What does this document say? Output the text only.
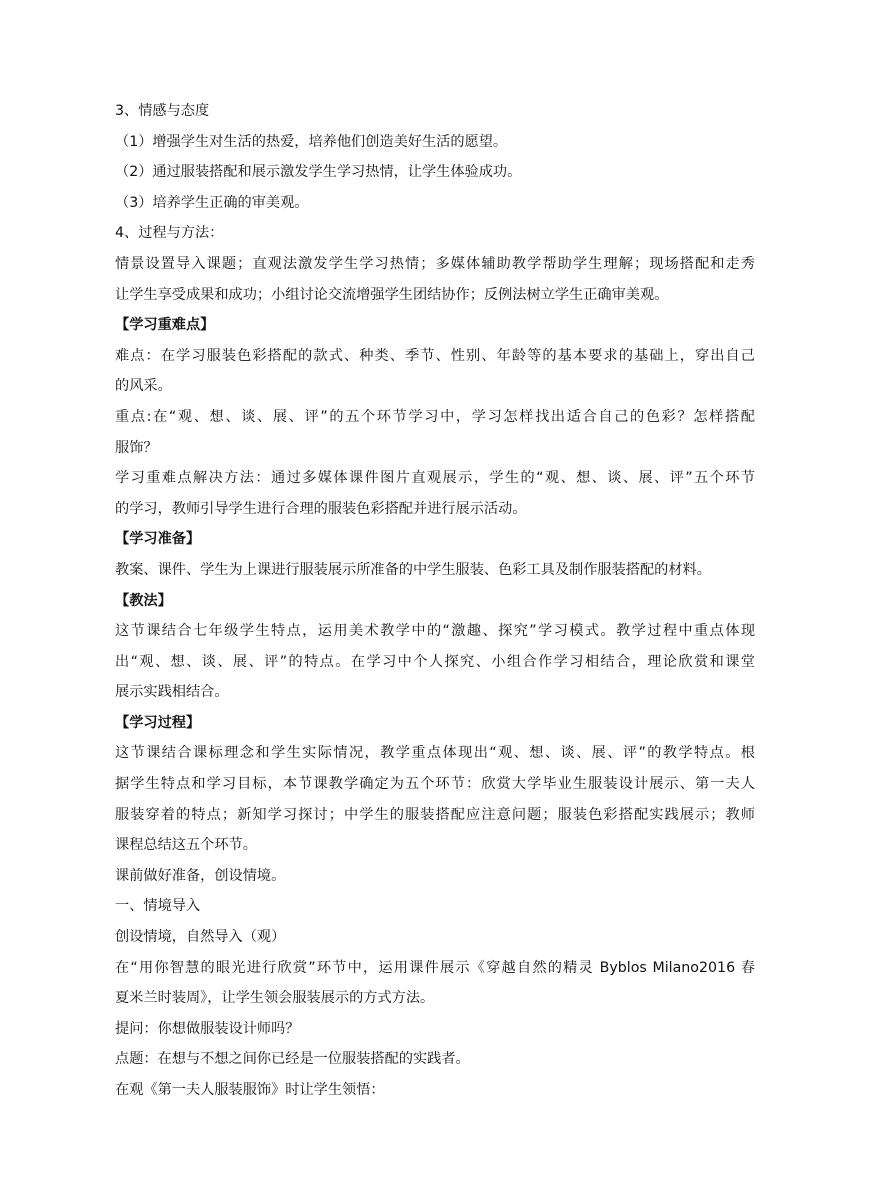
3、情感与态度
（1）增强学生对生活的热爱，培养他们创造美好生活的愿望。
（2）通过服装搭配和展示激发学生学习热情，让学生体验成功。
（3）培养学生正确的审美观。
4、过程与方法：
情景设置导入课题；直观法激发学生学习热情；多媒体辅助教学帮助学生理解；现场搭配和走秀
让学生享受成果和成功；小组讨论交流增强学生团结协作；反例法树立学生正确审美观。
【学习重难点】
难点：在学习服装色彩搭配的款式、种类、季节、性别、年龄等的基本要求的基础上，穿出自己
的风采。
重点:在“观、想、谈、展、评”的五个环节学习中，学习怎样找出适合自己的色彩？怎样搭配
服饰？
学习重难点解决方法：通过多媒体课件图片直观展示，学生的“观、想、谈、展、评”五个环节
的学习，教师引导学生进行合理的服装色彩搭配并进行展示活动。
【学习准备】
教案、课件、学生为上课进行服装展示所准备的中学生服装、色彩工具及制作服装搭配的材料。
【教法】
这节课结合七年级学生特点，运用美术教学中的“激趣、探究”学习模式。教学过程中重点体现
出“观、想、谈、展、评”的特点。在学习中个人探究、小组合作学习相结合，理论欣赏和课堂
展示实践相结合。
【学习过程】
这节课结合课标理念和学生实际情况，教学重点体现出“观、想、谈、展、评”的教学特点。根
据学生特点和学习目标，本节课教学确定为五个环节：欣赏大学毕业生服装设计展示、第一夫人
服装穿着的特点；新知学习探讨；中学生的服装搭配应注意问题；服装色彩搭配实践展示；教师
课程总结这五个环节。
课前做好准备，创设情境。
一、情境导入
创设情境，自然导入（观）
在“用你智慧的眼光进行欣赏”环节中，运用课件展示《穿越自然的精灵 Byblos Milano2016 春
夏米兰时装周》，让学生领会服装展示的方式方法。
提问：你想做服装设计师吗？
点题：在想与不想之间你已经是一位服装搭配的实践者。
在观《第一夫人服装服饰》时让学生领悟：
